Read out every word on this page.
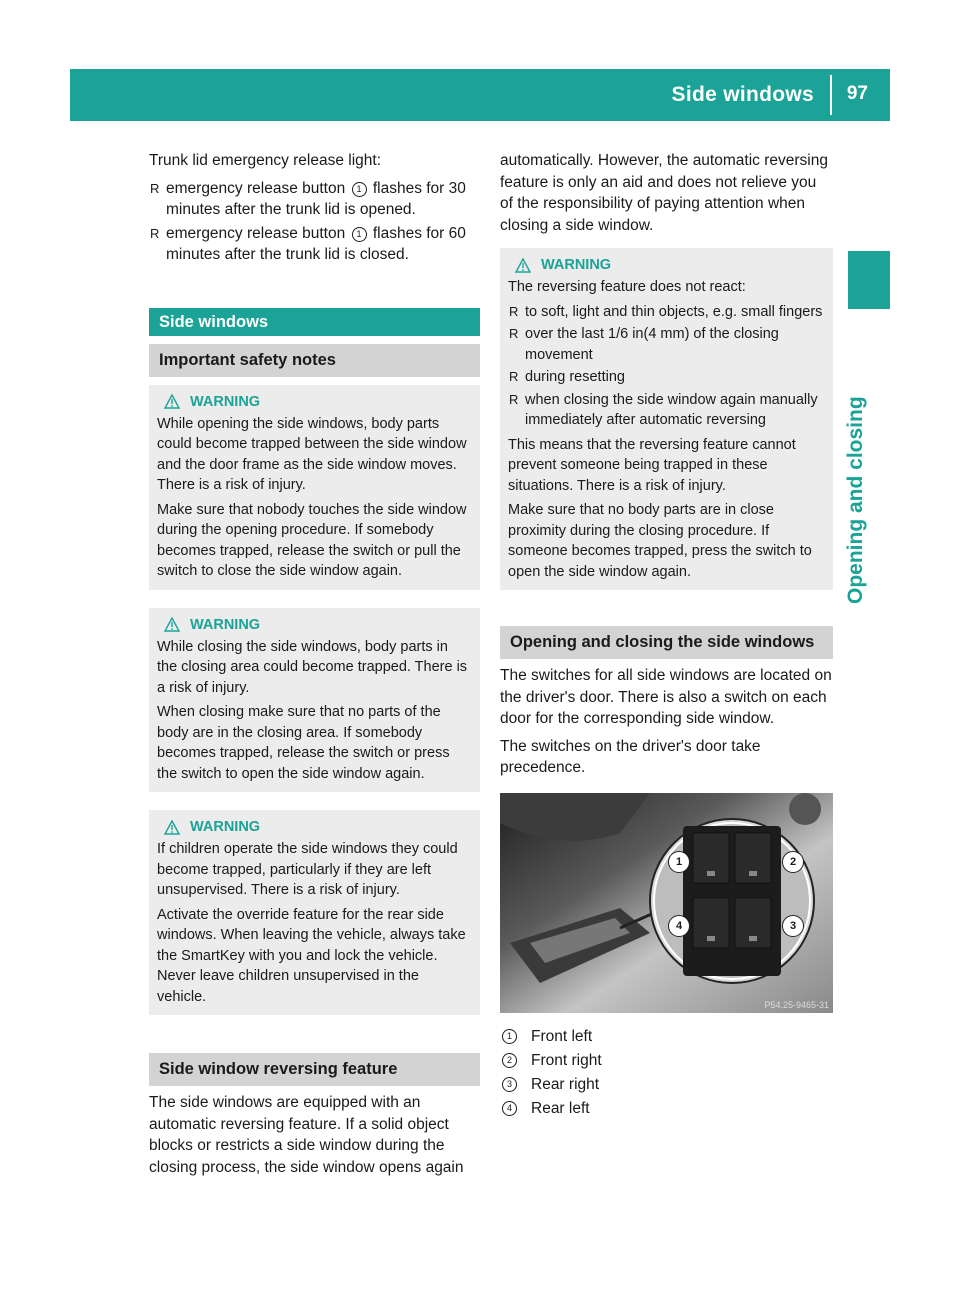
Side windows 97
Opening and closing
Trunk lid emergency release light:
R emergency release button 1 flashes for 30 minutes after the trunk lid is opened.
R emergency release button 1 flashes for 60 minutes after the trunk lid is closed.
Side windows
Important safety notes
WARNING
While opening the side windows, body parts could become trapped between the side window and the door frame as the side window moves. There is a risk of injury.
Make sure that nobody touches the side window during the opening procedure. If somebody becomes trapped, release the switch or pull the switch to close the side window again.
WARNING
While closing the side windows, body parts in the closing area could become trapped. There is a risk of injury.
When closing make sure that no parts of the body are in the closing area. If somebody becomes trapped, release the switch or press the switch to open the side window again.
WARNING
If children operate the side windows they could become trapped, particularly if they are left unsupervised. There is a risk of injury.
Activate the override feature for the rear side windows. When leaving the vehicle, always take the SmartKey with you and lock the vehicle. Never leave children unsupervised in the vehicle.
Side window reversing feature
The side windows are equipped with an automatic reversing feature. If a solid object blocks or restricts a side window during the closing process, the side window opens again
automatically. However, the automatic reversing feature is only an aid and does not relieve you of the responsibility of paying attention when closing a side window.
WARNING
The reversing feature does not react:
R to soft, light and thin objects, e.g. small fingers
R over the last 1/6 in(4 mm) of the closing movement
R during resetting
R when closing the side window again manually immediately after automatic reversing
This means that the reversing feature cannot prevent someone being trapped in these situations. There is a risk of injury.
Make sure that no body parts are in close proximity during the closing procedure. If someone becomes trapped, press the switch to open the side window again.
Opening and closing the side windows
The switches for all side windows are located on the driver's door. There is also a switch on each door for the corresponding side window.
The switches on the driver's door take precedence.
1	2
3
4
P54.25-9465-31
1	Front left
2	Front right
3	Rear right
4	Rear left
